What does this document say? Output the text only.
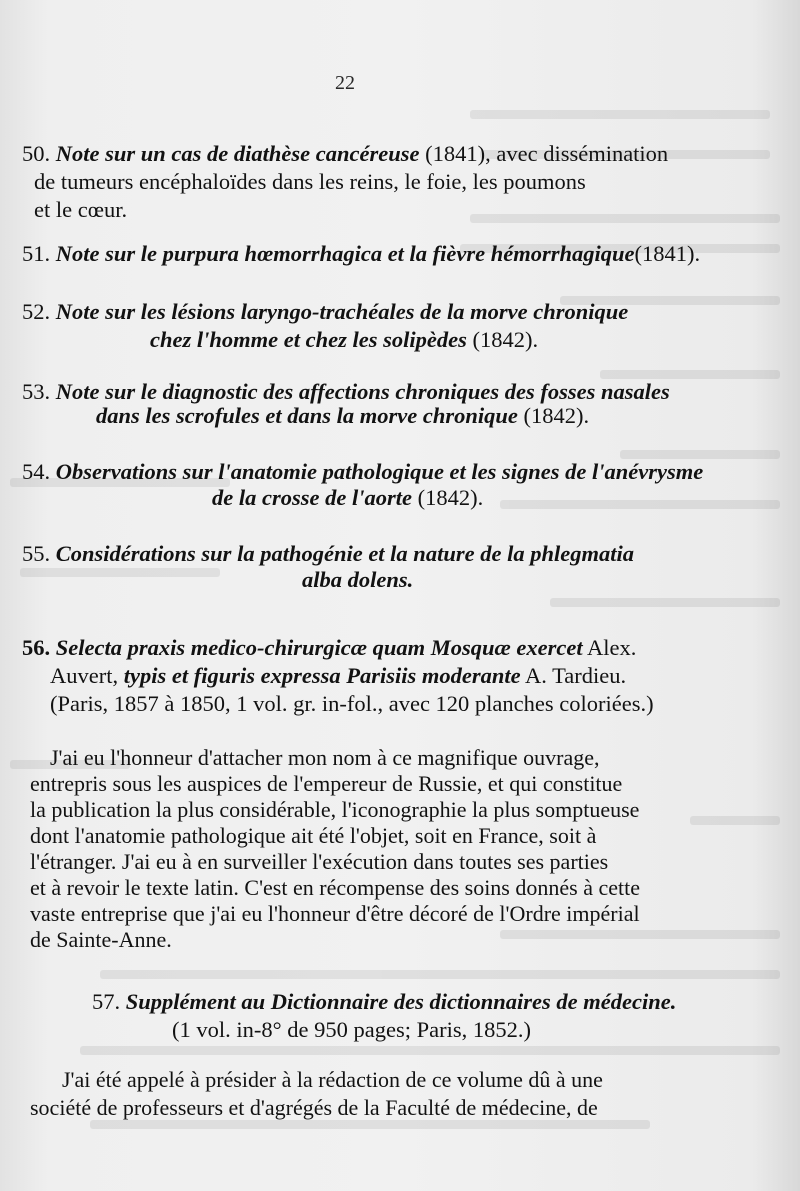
22
50. Note sur un cas de diathèse cancéreuse (1841), avec dissémination
de tumeurs encéphaloïdes dans les reins, le foie, les poumons
et le cœur.
51. Note sur le purpura hœmorrhagica et la fièvre hémorrhagique(1841).
52. Note sur les lésions laryngo-trachéales de la morve chronique
chez l'homme et chez les solipèdes (1842).
53. Note sur le diagnostic des affections chroniques des fosses nasales
dans les scrofules et dans la morve chronique (1842).
54. Observations sur l'anatomie pathologique et les signes de l'anévrysme
de la crosse de l'aorte (1842).
55. Considérations sur la pathogénie et la nature de la phlegmatia
alba dolens.
56. Selecta praxis medico-chirurgicæ quam Mosquæ exercet Alex.
Auvert, typis et figuris expressa Parisiis moderante A. Tardieu.
(Paris, 1857 à 1850, 1 vol. gr. in-fol., avec 120 planches coloriées.)
J'ai eu l'honneur d'attacher mon nom à ce magnifique ouvrage,
entrepris sous les auspices de l'empereur de Russie, et qui constitue
la publication la plus considérable, l'iconographie la plus somptueuse
dont l'anatomie pathologique ait été l'objet, soit en France, soit à
l'étranger. J'ai eu à en surveiller l'exécution dans toutes ses parties
et à revoir le texte latin. C'est en récompense des soins donnés à cette
vaste entreprise que j'ai eu l'honneur d'être décoré de l'Ordre impérial
de Sainte-Anne.
57. Supplément au Dictionnaire des dictionnaires de médecine.
(1 vol. in-8° de 950 pages; Paris, 1852.)
J'ai été appelé à présider à la rédaction de ce volume dû à une
société de professeurs et d'agrégés de la Faculté de médecine, de
